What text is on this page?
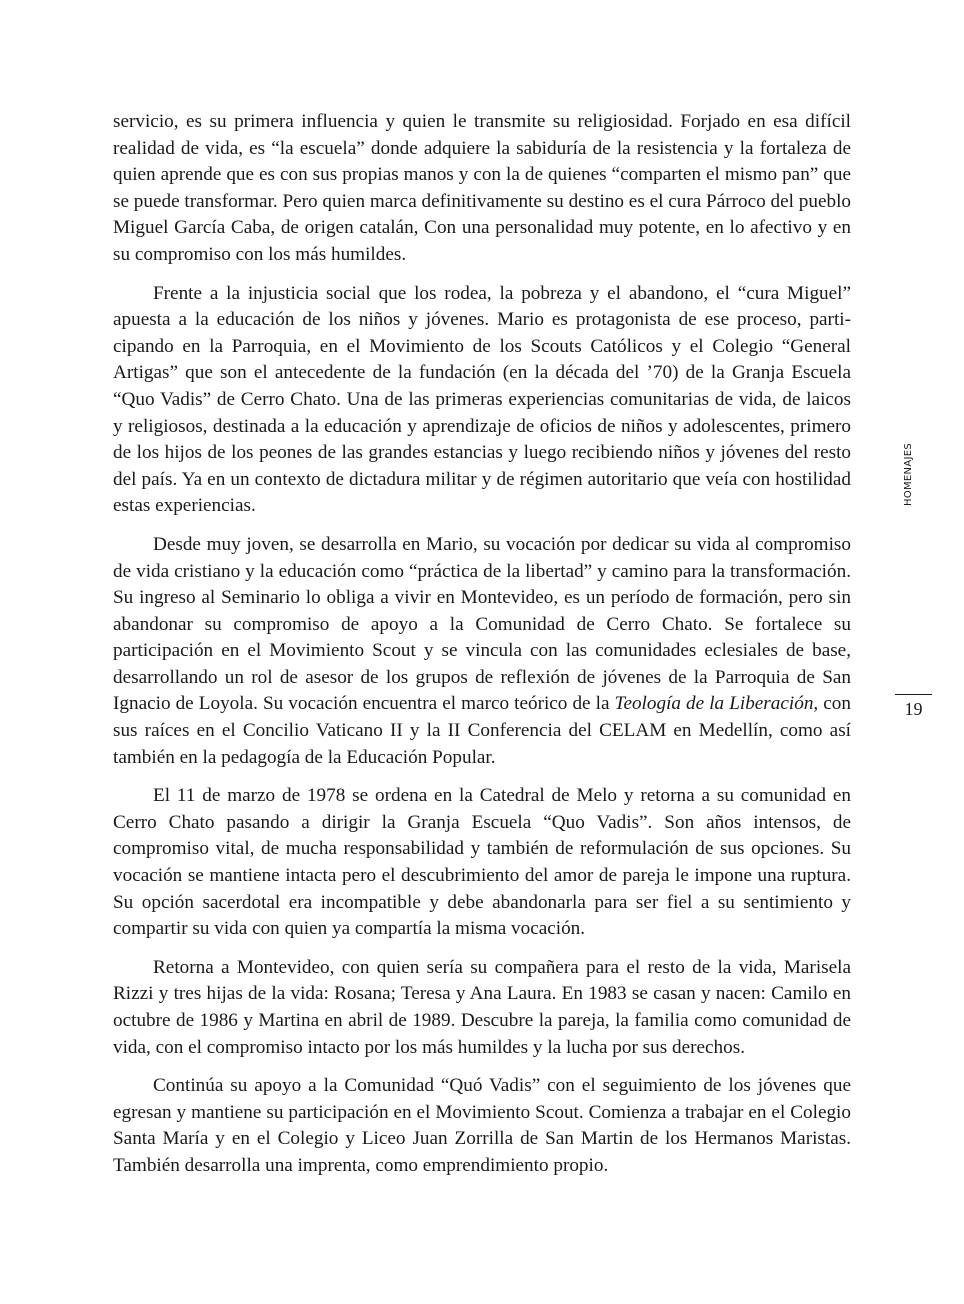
servicio, es su primera influencia y quien le transmite su religiosidad. Forjado en esa difícil realidad de vida, es “la escuela” donde adquiere la sabiduría de la resistencia y la fortaleza de quien aprende que es con sus propias manos y con la de quienes “comparten el mismo pan” que se puede transformar. Pero quien marca definitivamente su destino es el cura Párroco del pueblo Miguel García Caba, de origen catalán, Con una personalidad muy potente, en lo afectivo y en su compromiso con los más humildes.

Frente a la injusticia social que los rodea, la pobreza y el abandono, el “cura Miguel” apuesta a la educación de los niños y jóvenes. Mario es protagonista de ese proceso, participando en la Parroquia, en el Movimiento de los Scouts Católicos y el Colegio “General Artigas” que son el antecedente de la fundación (en la década del ’70) de la Granja Escuela “Quo Vadis” de Cerro Chato. Una de las primeras experiencias comunitarias de vida, de laicos y religiosos, destinada a la educación y aprendizaje de oficios de niños y adolescentes, primero de los hijos de los peones de las grandes estancias y luego recibiendo niños y jóvenes del resto del país. Ya en un contexto de dictadura militar y de régimen autoritario que veía con hostilidad estas experiencias.

Desde muy joven, se desarrolla en Mario, su vocación por dedicar su vida al compromiso de vida cristiano y la educación como “práctica de la libertad” y camino para la transformación. Su ingreso al Seminario lo obliga a vivir en Montevideo, es un período de formación, pero sin abandonar su compromiso de apoyo a la Comunidad de Cerro Chato. Se fortalece su participación en el Movimiento Scout y se vincula con las comunidades eclesiales de base, desarrollando un rol de asesor de los grupos de reflexión de jóvenes de la Parroquia de San Ignacio de Loyola. Su vocación encuentra el marco teórico de la Teología de la Liberación, con sus raíces en el Concilio Vaticano II y la II Conferencia del CELAM en Medellín, como así también en la pedagogía de la Educación Popular.

El 11 de marzo de 1978 se ordena en la Catedral de Melo y retorna a su comunidad en Cerro Chato pasando a dirigir la Granja Escuela “Quo Vadis”. Son años intensos, de compromiso vital, de mucha responsabilidad y también de reformulación de sus opciones. Su vocación se mantiene intacta pero el descubrimiento del amor de pareja le impone una ruptura. Su opción sacerdotal era incompatible y debe abandonarla para ser fiel a su sentimiento y compartir su vida con quien ya compartía la misma vocación.

Retorna a Montevideo, con quien sería su compañera para el resto de la vida, Marisela Rizzi y tres hijas de la vida: Rosana; Teresa y Ana Laura. En 1983 se casan y nacen: Camilo en octubre de 1986 y Martina en abril de 1989. Descubre la pareja, la familia como comunidad de vida, con el compromiso intacto por los más humildes y la lucha por sus derechos.

Continúa su apoyo a la Comunidad “Quó Vadis” con el seguimiento de los jóvenes que egresan y mantiene su participación en el Movimiento Scout. Comienza a trabajar en el Colegio Santa María y en el Colegio y Liceo Juan Zorrilla de San Martin de los Hermanos Maristas. También desarrolla una imprenta, como emprendimiento propio.

HOMENAJES
19
